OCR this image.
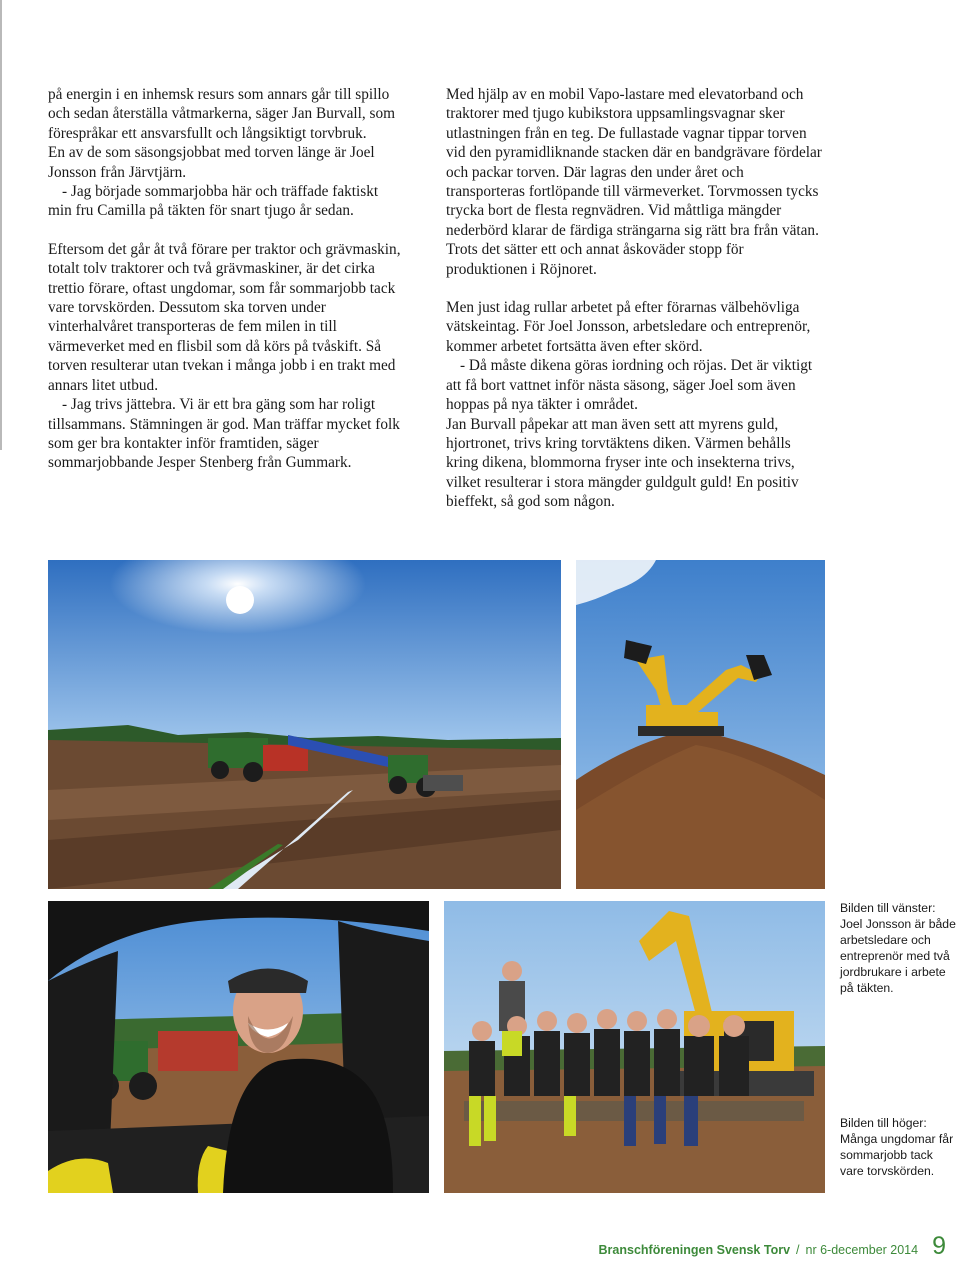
på energin i en inhemsk resurs som annars går till spillo och sedan återställa våtmarkerna, säger Jan Burvall, som förespråkar ett ansvarsfullt och långsiktigt torvbruk.

En av de som säsongsjobbat med torven länge är Joel Jonsson från Järvtjärn.

- Jag började sommarjobba här och träffade faktiskt min fru Camilla på täkten för snart tjugo år sedan.

Eftersom det går åt två förare per traktor och grävmaskin, totalt tolv traktorer och två grävmaskiner, är det cirka trettio förare, oftast ungdomar, som får sommarjobb tack vare torvskörden. Dessutom ska torven under vinterhalvåret transporteras de fem milen in till värmeverket med en flisbil som då körs på tvåskift. Så torven resulterar utan tvekan i många jobb i en trakt med annars litet utbud.

- Jag trivs jättebra. Vi är ett bra gäng som har roligt tillsammans. Stämningen är god. Man träffar mycket folk som ger bra kontakter inför framtiden, säger sommarjobbande Jesper Stenberg från Gummark.

Med hjälp av en mobil Vapo-lastare med elevatorband och traktorer med tjugo kubikstora uppsamlingsvagnar sker utlastningen från en teg. De fullastade vagnar tippar torven vid den pyramidliknande stacken där en bandgrävare fördelar och packar torven. Där lagras den under året och transporteras fortlöpande till värmeverket. Torvmossen tycks trycka bort de flesta regnvädren. Vid måttliga mängder nederbörd klarar de färdiga strängarna sig rätt bra från vätan. Trots det sätter ett och annat åskoväder stopp för produktionen i Röjnoret.

Men just idag rullar arbetet på efter förarnas välbehövliga vätskeintag. För Joel Jonsson, arbetsledare och entreprenör, kommer arbetet fortsätta även efter skörd.

- Då måste dikena göras iordning och röjas. Det är viktigt att få bort vattnet inför nästa säsong, säger Joel som även hoppas på nya täkter i området.

Jan Burvall påpekar att man även sett att myrens guld, hjortronet, trivs kring torvtäktens diken. Värmen behålls kring dikena, blommorna fryser inte och insekterna trivs, vilket resulterar i stora mängder guldgult guld! En positiv bieffekt, så god som någon.

Bilden till vänster: Joel Jonsson är både arbetsledare och entreprenör med två jordbrukare i arbete på täkten.

Bilden till höger: Många ungdomar får sommarjobb tack vare torvskörden.

Branschföreningen Svensk Torv / nr 6-december 2014 9
